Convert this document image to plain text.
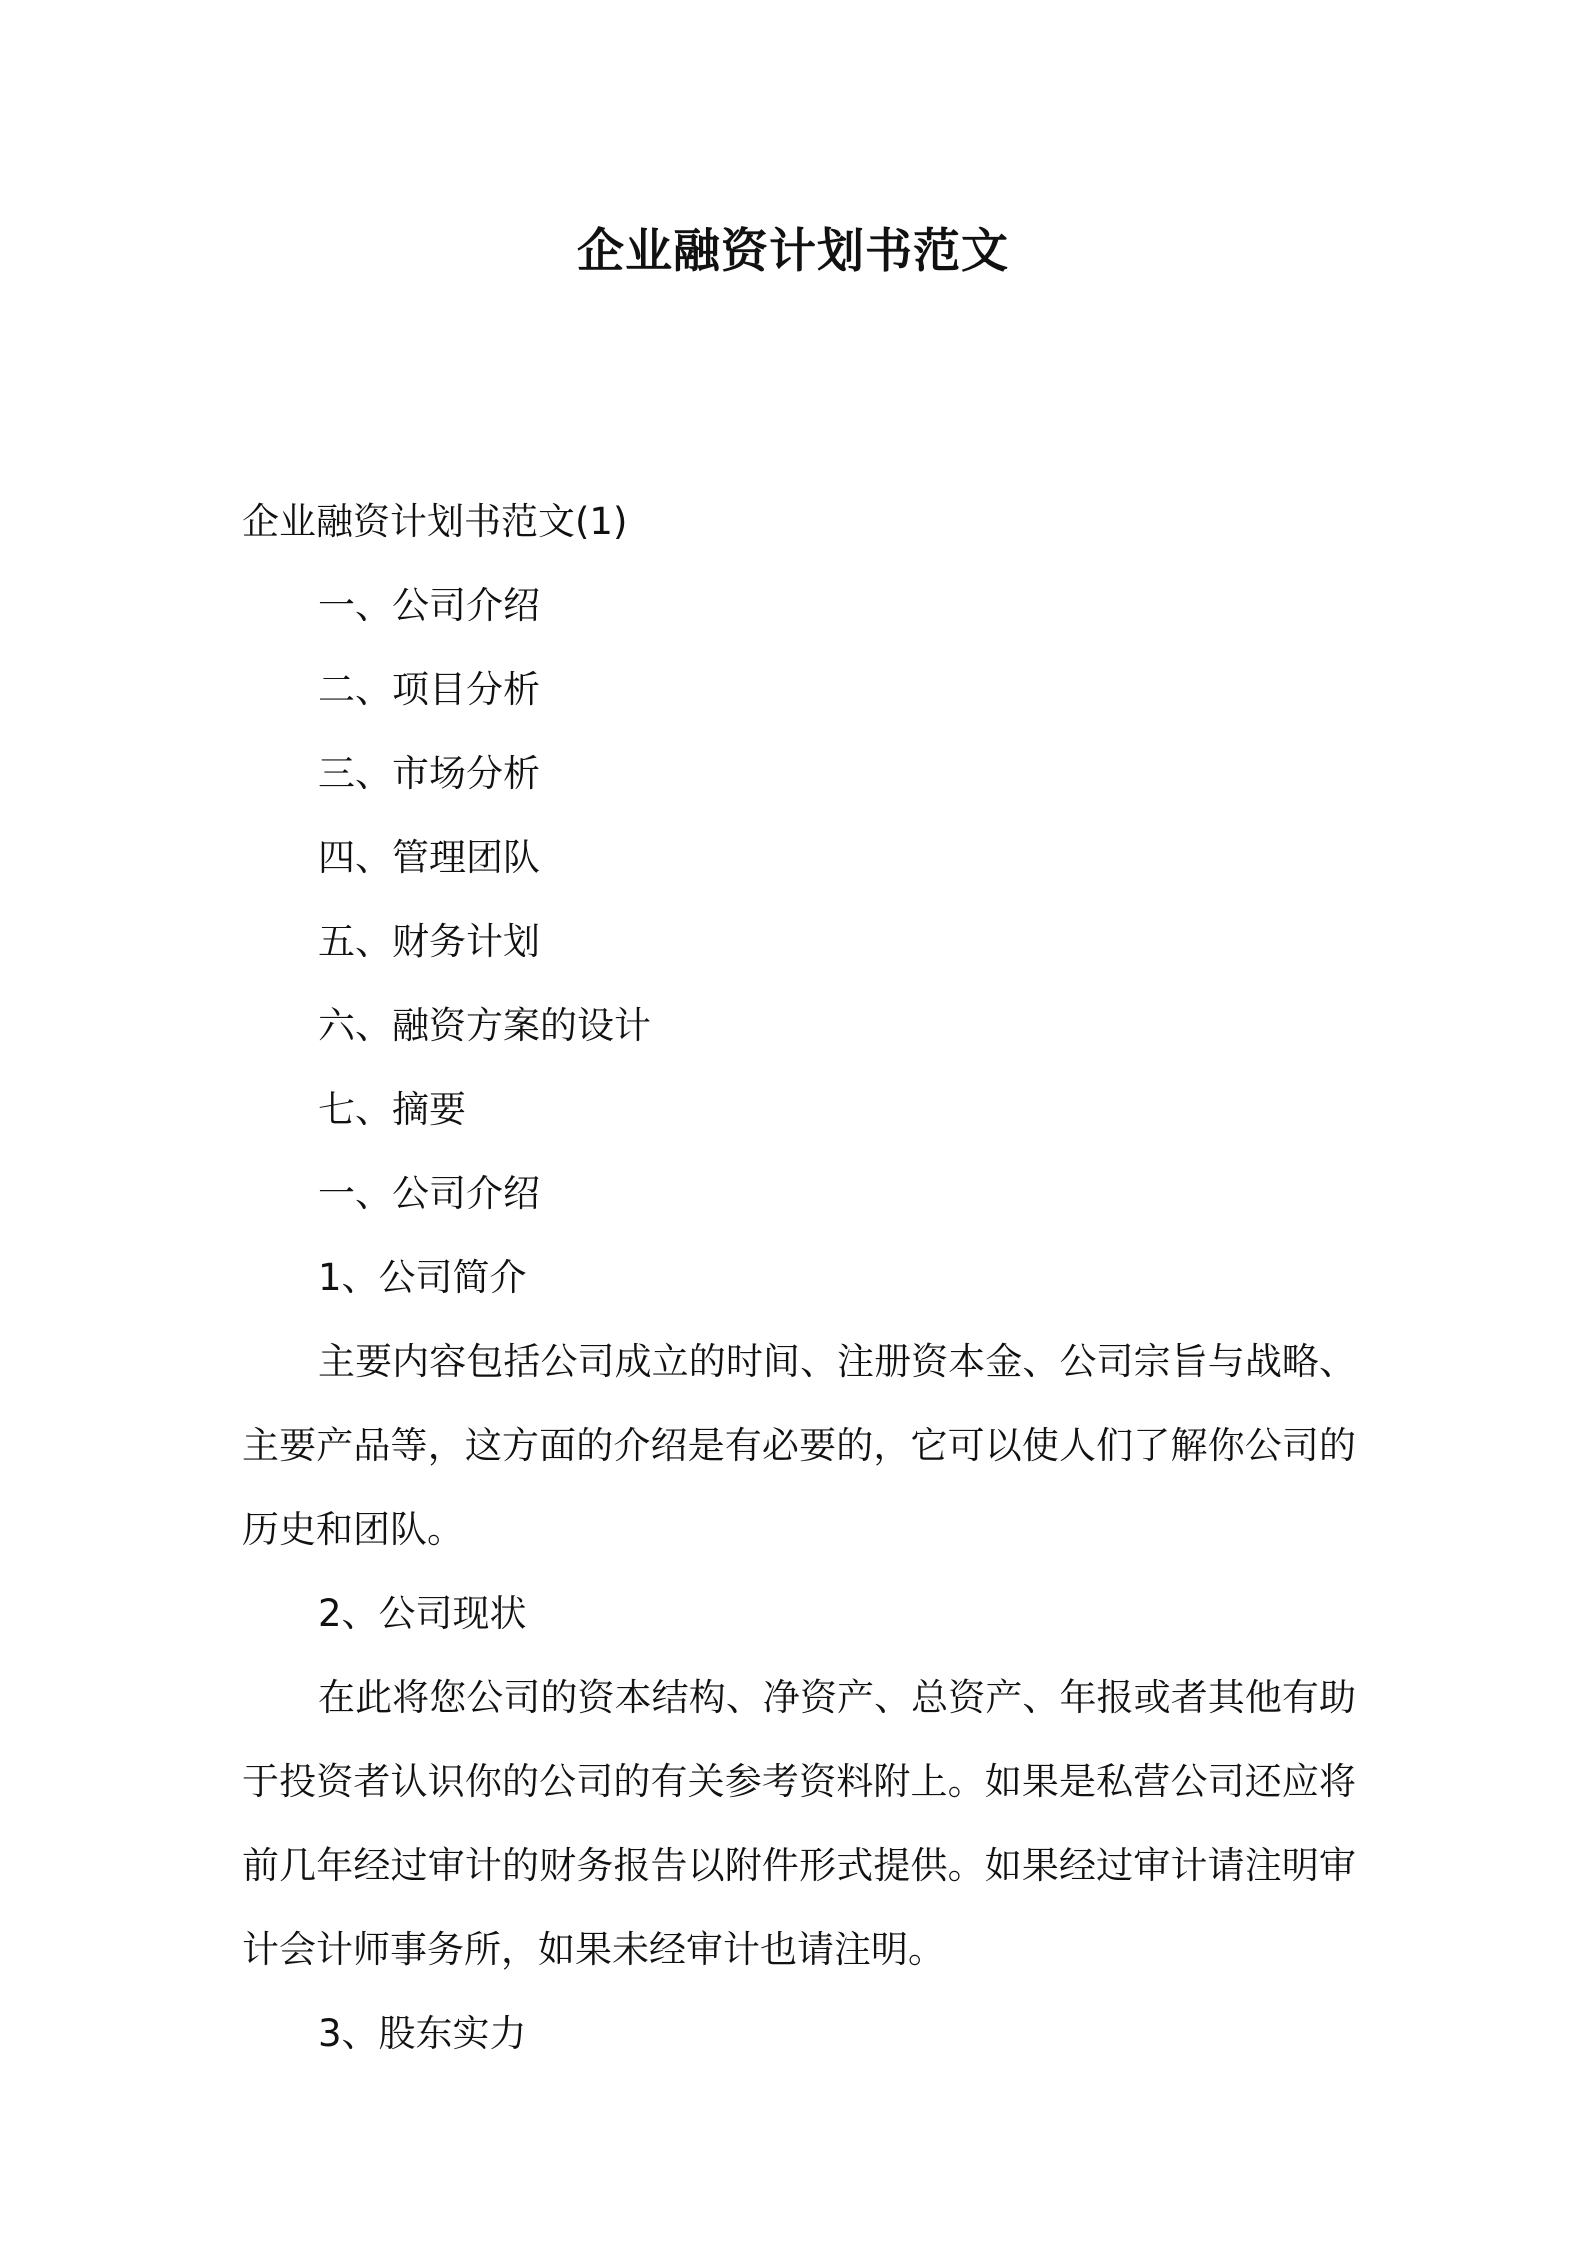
企业融资计划书范文

企业融资计划书范文(1)

一、公司介绍

二、项目分析

三、市场分析

四、管理团队

五、财务计划

六、融资方案的设计

七、摘要

一、公司介绍

1、公司简介

主要内容包括公司成立的时间、注册资本金、公司宗旨与战略、主要产品等，这方面的介绍是有必要的，它可以使人们了解你公司的历史和团队。

2、公司现状

在此将您公司的资本结构、净资产、总资产、年报或者其他有助于投资者认识你的公司的有关参考资料附上。如果是私营公司还应将前几年经过审计的财务报告以附件形式提供。如果经过审计请注明审计会计师事务所，如果未经审计也请注明。

3、股东实力
